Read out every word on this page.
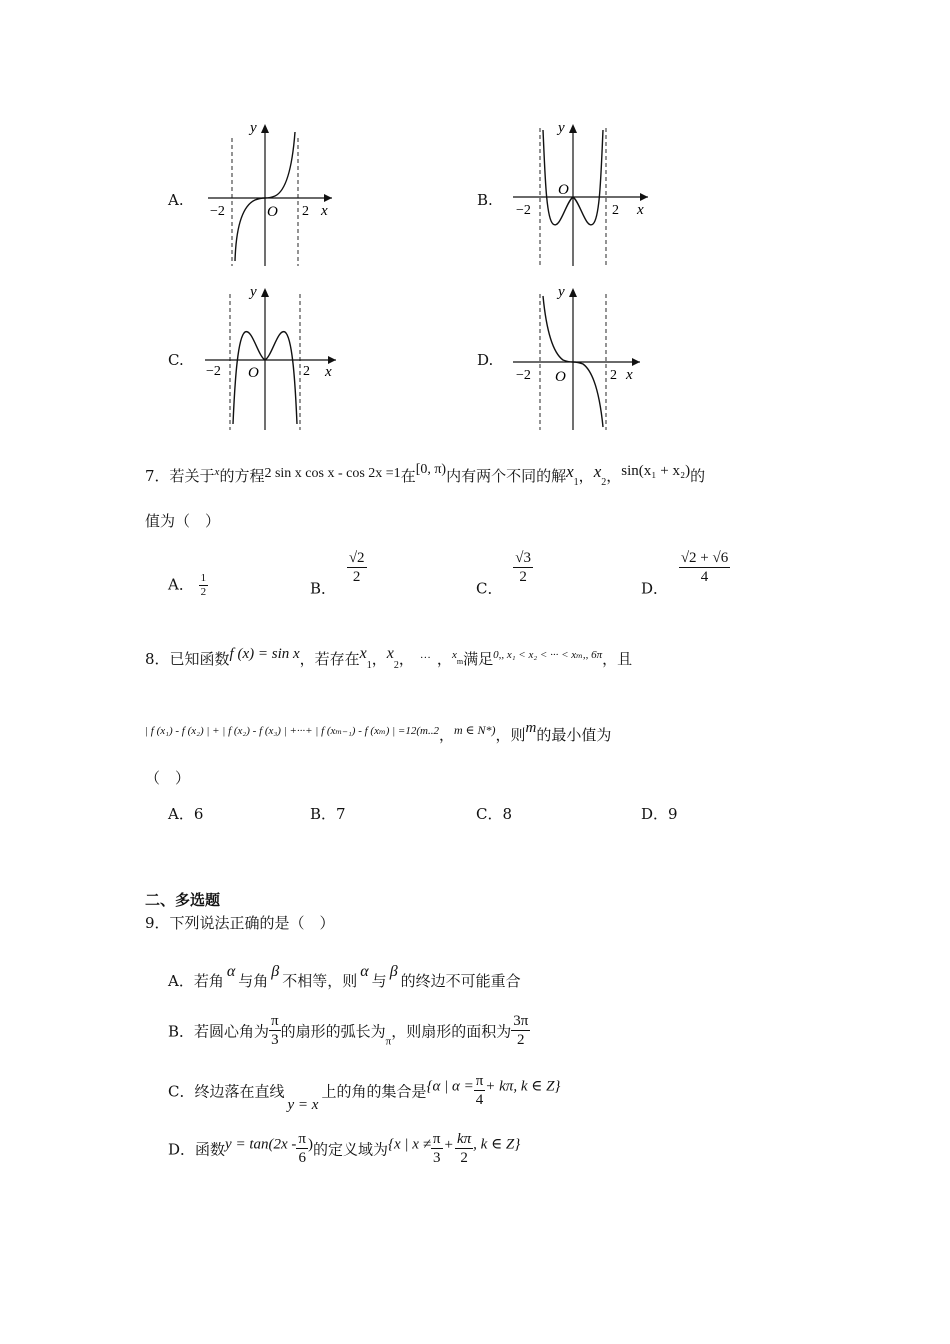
A.
y
x
O
−2	2
B.
y
x
O
−2	2
C.
y
x
O
−2	2
D.
y
x
O
−2	2
7．若关于$^x$的方程2 sin x cos x - cos 2x =1在[0, π)内有两个不同的解$x_1$，$x_2$，sin(x₁ + x₂)的
值为（　）
A． $\frac{1}{2}$	B．
$\frac{√2}{2}$
C．
$\frac{√3}{2}$
D．
$\frac{√2 + √6}{4}$
8．已知函数f (x) = sin x，若存在$x_1$，$x_2$， … ，$^x$m满足$^{0,, x_1 < x_2 < \cdot\cdot\cdot < x_m,, 6\pi}$，且
$^{| f (x_1) - f (x_2) | + | f (x_2) - f (x_3) | +\cdot\cdot\cdot+ | f (x_{m-1}) - f (x_m) | =12(m..2}$，$^{m \in N*)}$，则m的最小值为
（　）
A．6	B．7	C．8	D．9
二、多选题
9．下列说法正确的是（　）
A．若角α与角β不相等，则α与β的终边不可能重合
B．若圆心角为 $\frac{\pi}{3}$ 的扇形的弧长为$_\pi$，则扇形的面积为 $\frac{3\pi}{2}$
C．终边落在直线y = x上的角的集合是{α | $\alpha = \frac{\pi}{4} + k\pi$, k ∈ Z}
D．函数$y = \tan(2x - \frac{\pi}{6}$ )的定义域为{x | $x \ne \frac{\pi}{3} + \frac{k\pi}{2}$ , k ∈ Z}
